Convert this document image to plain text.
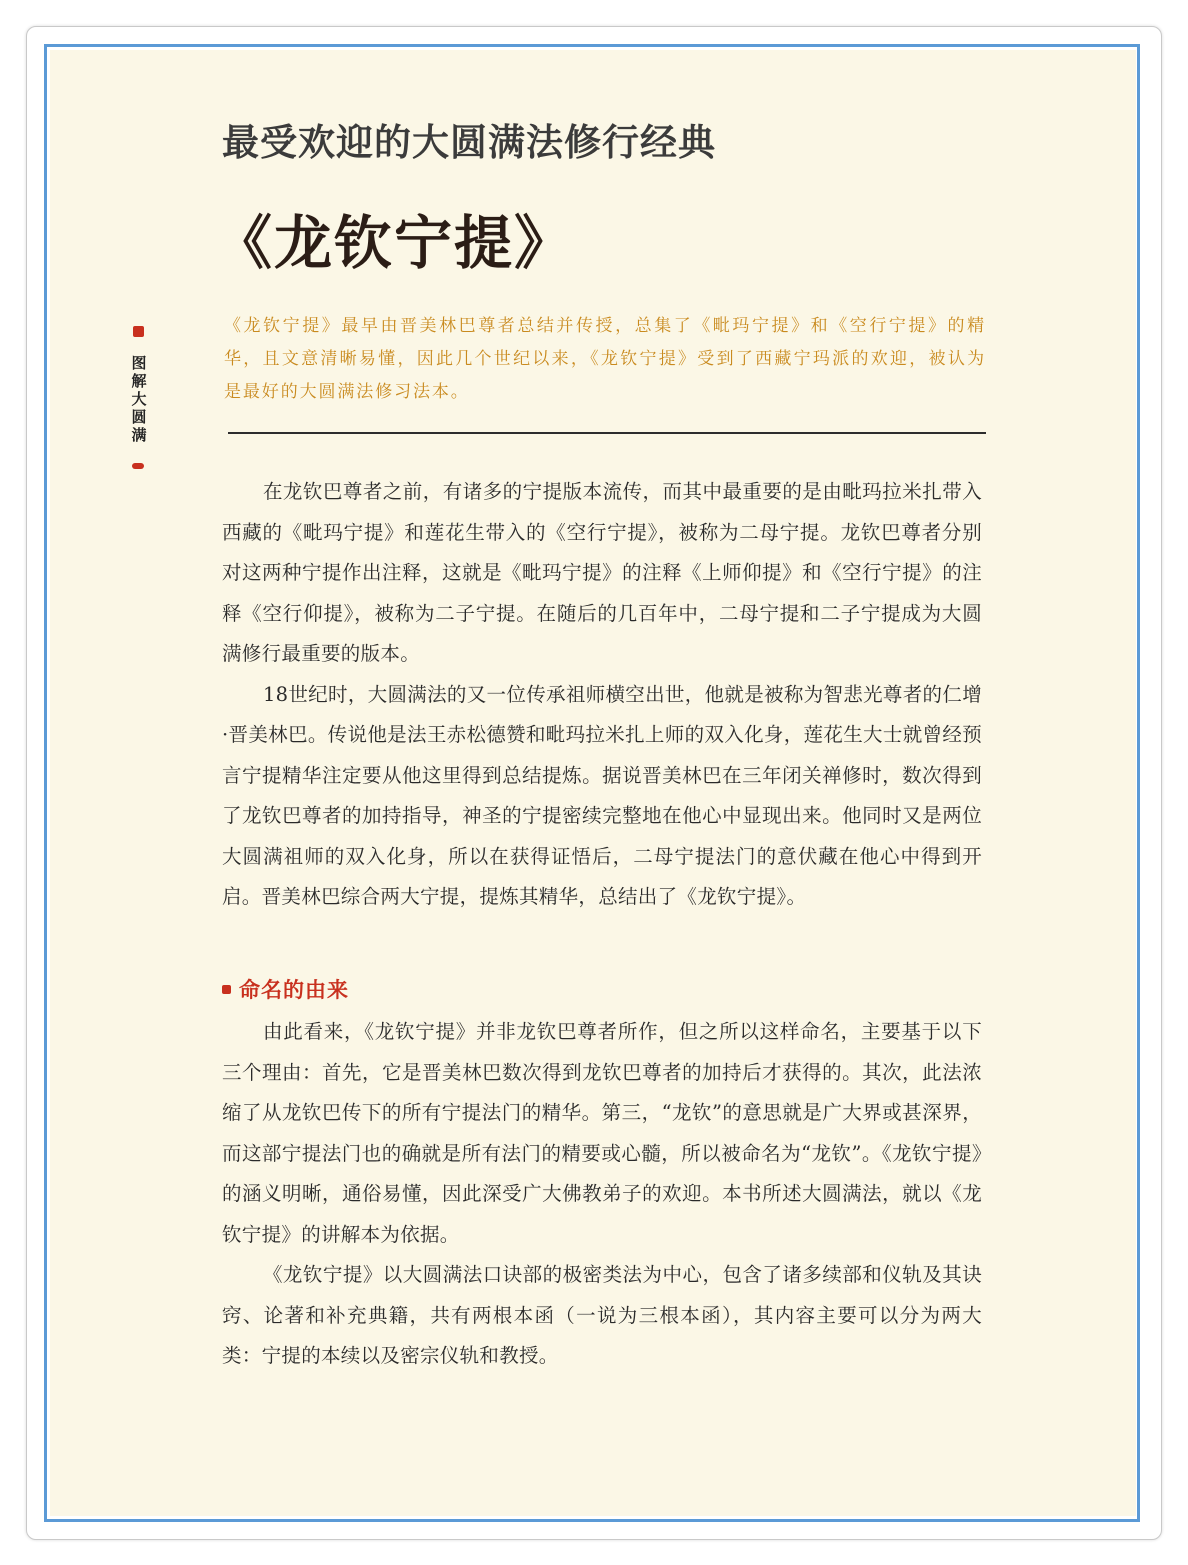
最受欢迎的大圆满法修行经典
《龙钦宁提》
图解大圆满

《龙钦宁提》最早由晋美林巴尊者总结并传授，总集了《毗玛宁提》和《空行宁提》的精华，且文意清晰易懂，因此几个世纪以来，《龙钦宁提》受到了西藏宁玛派的欢迎，被认为是最好的大圆满法修习法本。

在龙钦巴尊者之前，有诸多的宁提版本流传，而其中最重要的是由毗玛拉米扎带入西藏的《毗玛宁提》和莲花生带入的《空行宁提》，被称为二母宁提。龙钦巴尊者分别对这两种宁提作出注释，这就是《毗玛宁提》的注释《上师仰提》和《空行宁提》的注释《空行仰提》，被称为二子宁提。在随后的几百年中，二母宁提和二子宁提成为大圆满修行最重要的版本。

18世纪时，大圆满法的又一位传承祖师横空出世，他就是被称为智悲光尊者的仁增·晋美林巴。传说他是法王赤松德赞和毗玛拉米扎上师的双入化身，莲花生大士就曾经预言宁提精华注定要从他这里得到总结提炼。据说晋美林巴在三年闭关禅修时，数次得到了龙钦巴尊者的加持指导，神圣的宁提密续完整地在他心中显现出来。他同时又是两位大圆满祖师的双入化身，所以在获得证悟后，二母宁提法门的意伏藏在他心中得到开启。晋美林巴综合两大宁提，提炼其精华，总结出了《龙钦宁提》。

命名的由来

由此看来，《龙钦宁提》并非龙钦巴尊者所作，但之所以这样命名，主要基于以下三个理由：首先，它是晋美林巴数次得到龙钦巴尊者的加持后才获得的。其次，此法浓缩了从龙钦巴传下的所有宁提法门的精华。第三，“龙钦”的意思就是广大界或甚深界，而这部宁提法门也的确就是所有法门的精要或心髓，所以被命名为“龙钦”。《龙钦宁提》的涵义明晰，通俗易懂，因此深受广大佛教弟子的欢迎。本书所述大圆满法，就以《龙钦宁提》的讲解本为依据。

《龙钦宁提》以大圆满法口诀部的极密类法为中心，包含了诸多续部和仪轨及其诀窍、论著和补充典籍，共有两根本函（一说为三根本函），其内容主要可以分为两大类：宁提的本续以及密宗仪轨和教授。
